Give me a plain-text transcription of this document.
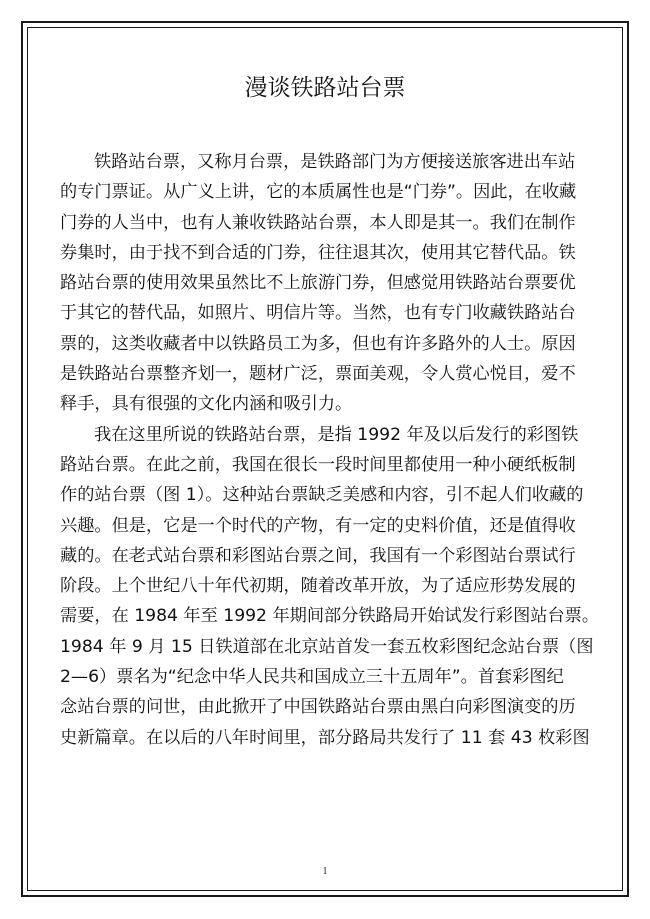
漫谈铁路站台票

铁路站台票，又称月台票，是铁路部门为方便接送旅客进出车站

的专门票证。从广义上讲，它的本质属性也是“门券”。因此，在收藏

门券的人当中，也有人兼收铁路站台票，本人即是其一。我们在制作

券集时，由于找不到合适的门券，往往退其次，使用其它替代品。铁

路站台票的使用效果虽然比不上旅游门券，但感觉用铁路站台票要优

于其它的替代品，如照片、明信片等。当然，也有专门收藏铁路站台

票的，这类收藏者中以铁路员工为多，但也有许多路外的人士。原因

是铁路站台票整齐划一，题材广泛，票面美观，令人赏心悦目，爱不

释手，具有很强的文化内涵和吸引力。

我在这里所说的铁路站台票，是指 1992 年及以后发行的彩图铁

路站台票。在此之前，我国在很长一段时间里都使用一种小硬纸板制

作的站台票（图 1）。这种站台票缺乏美感和内容，引不起人们收藏的

兴趣。但是，它是一个时代的产物，有一定的史料价值，还是值得收

藏的。在老式站台票和彩图站台票之间，我国有一个彩图站台票试行

阶段。上个世纪八十年代初期，随着改革开放，为了适应形势发展的

需要，在 1984 年至 1992 年期间部分铁路局开始试发行彩图站台票。

1984 年 9 月 15 日铁道部在北京站首发一套五枚彩图纪念站台票（图

2—6）票名为“纪念中华人民共和国成立三十五周年”。首套彩图纪

念站台票的问世，由此掀开了中国铁路站台票由黑白向彩图演变的历

史新篇章。在以后的八年时间里，部分路局共发行了 11 套 43 枚彩图

1
